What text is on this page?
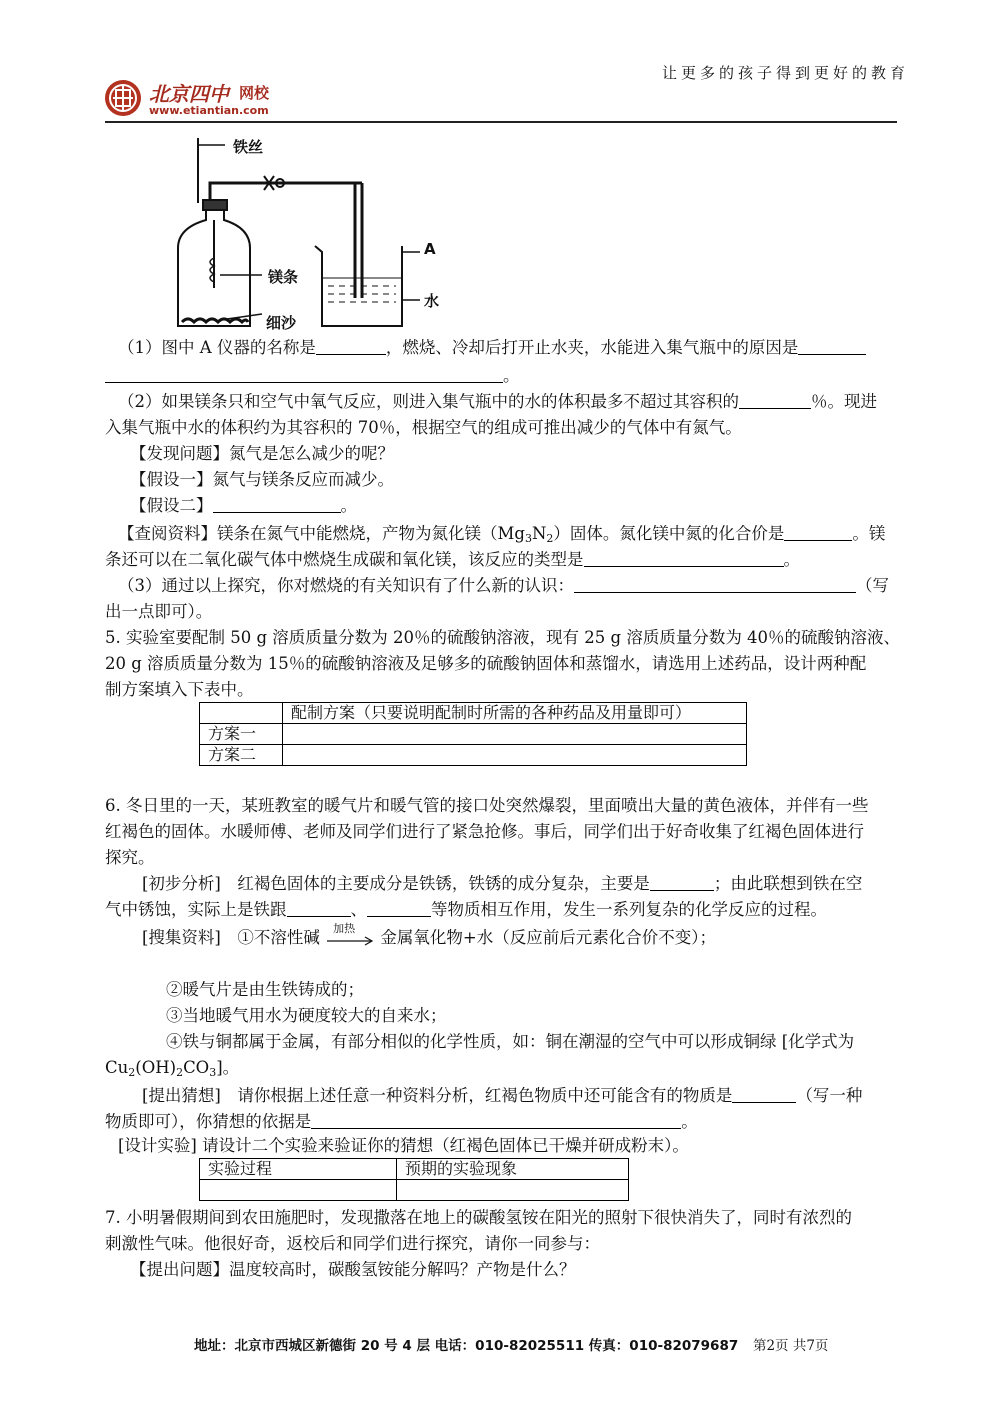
北京四中 网校
www.etiantian.com
让更多的孩子得到更好的教育
铁丝
镁条
细沙
A
水
（1）图中 A 仪器的名称是	，燃烧、冷却后打开止水夹，水能进入集气瓶中的原因是
。
（2）如果镁条只和空气中氧气反应，则进入集气瓶中的水的体积最多不超过其容积的	％。现进
入集气瓶中水的体积约为其容积的 70％，根据空气的组成可推出减少的气体中有氮气。
【发现问题】氮气是怎么减少的呢？
【假设一】氮气与镁条反应而减少。
【假设二】	。
【查阅资料】镁条在氮气中能燃烧，产物为氮化镁$(Mg_3N_2)$固体。氮化镁中氮的化合价是	。镁
条还可以在二氧化碳气体中燃烧生成碳和氧化镁，该反应的类型是	。
（3）通过以上探究，你对燃烧的有关知识有了什么新的认识：	（写
出一点即可）。
5. 实验室要配制 50 g 溶质质量分数为 20％的硫酸钠溶液，现有 25 g 溶质质量分数为 40％的硫酸钠溶液、
20 g 溶质质量分数为 15％的硫酸钠溶液及足够多的硫酸钠固体和蒸馏水，请选用上述药品，设计两种配
制方案填入下表中。
	配制方案（只要说明配制时所需的各种药品及用量即可）
方案一	
方案二	
6. 冬日里的一天，某班教室的暖气片和暖气管的接口处突然爆裂，里面喷出大量的黄色液体，并伴有一些
红褐色的固体。水暖师傅、老师及同学们进行了紧急抢修。事后，同学们出于好奇收集了红褐色固体进行
探究。
[初步分析]　红褐色固体的主要成分是铁锈，铁锈的成分复杂，主要是	；由此联想到铁在空
气中锈蚀，实际上是铁跟	、	等物质相互作用，发生一系列复杂的化学反应的过程。
[搜集资料]　①不溶性碱 加热 金属氧化物+水（反应前后元素化合价不变）；
②暖气片是由生铁铸成的；
③当地暖气用水为硬度较大的自来水；
④铁与铜都属于金属，有部分相似的化学性质，如：铜在潮湿的空气中可以形成铜绿 [化学式为
$Cu_2(OH)_2CO_3$]。
[提出猜想]　请你根据上述任意一种资料分析，红褐色物质中还可能含有的物质是	（写一种
物质即可），你猜想的依据是	。
[设计实验] 请设计二个实验来验证你的猜想（红褐色固体已干燥并研成粉末）。
实验过程	预期的实验现象

7. 小明暑假期间到农田施肥时，发现撒落在地上的碳酸氢铵在阳光的照射下很快消失了，同时有浓烈的
刺激性气味。他很好奇，返校后和同学们进行探究，请你一同参与：
【提出问题】温度较高时，碳酸氢铵能分解吗？产物是什么？
地址：北京市西城区新德街 20 号 4 层 电话：010-82025511 传真：010-82079687 第2页 共7页
